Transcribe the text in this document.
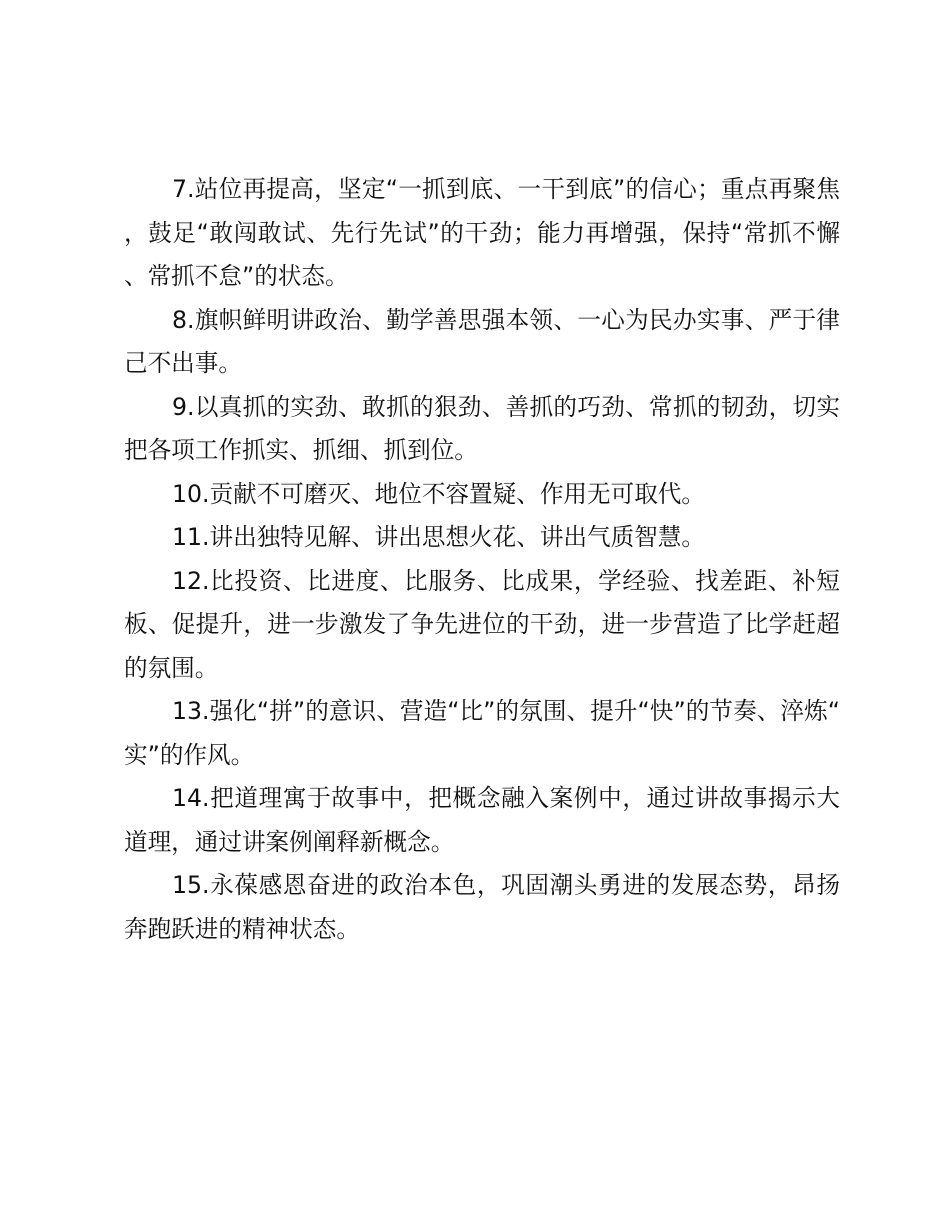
7.站位再提高，坚定“一抓到底、一干到底”的信心；重点再聚焦，鼓足“敢闯敢试、先行先试”的干劲；能力再增强，保持“常抓不懈、常抓不怠”的状态。

8.旗帜鲜明讲政治、勤学善思强本领、一心为民办实事、严于律己不出事。

9.以真抓的实劲、敢抓的狠劲、善抓的巧劲、常抓的韧劲，切实把各项工作抓实、抓细、抓到位。

10.贡献不可磨灭、地位不容置疑、作用无可取代。

11.讲出独特见解、讲出思想火花、讲出气质智慧。

12.比投资、比进度、比服务、比成果，学经验、找差距、补短板、促提升，进一步激发了争先进位的干劲，进一步营造了比学赶超的氛围。

13.强化“拼”的意识、营造“比”的氛围、提升“快”的节奏、淬炼“实”的作风。

14.把道理寓于故事中，把概念融入案例中，通过讲故事揭示大道理，通过讲案例阐释新概念。

15.永葆感恩奋进的政治本色，巩固潮头勇进的发展态势，昂扬奔跑跃进的精神状态。
